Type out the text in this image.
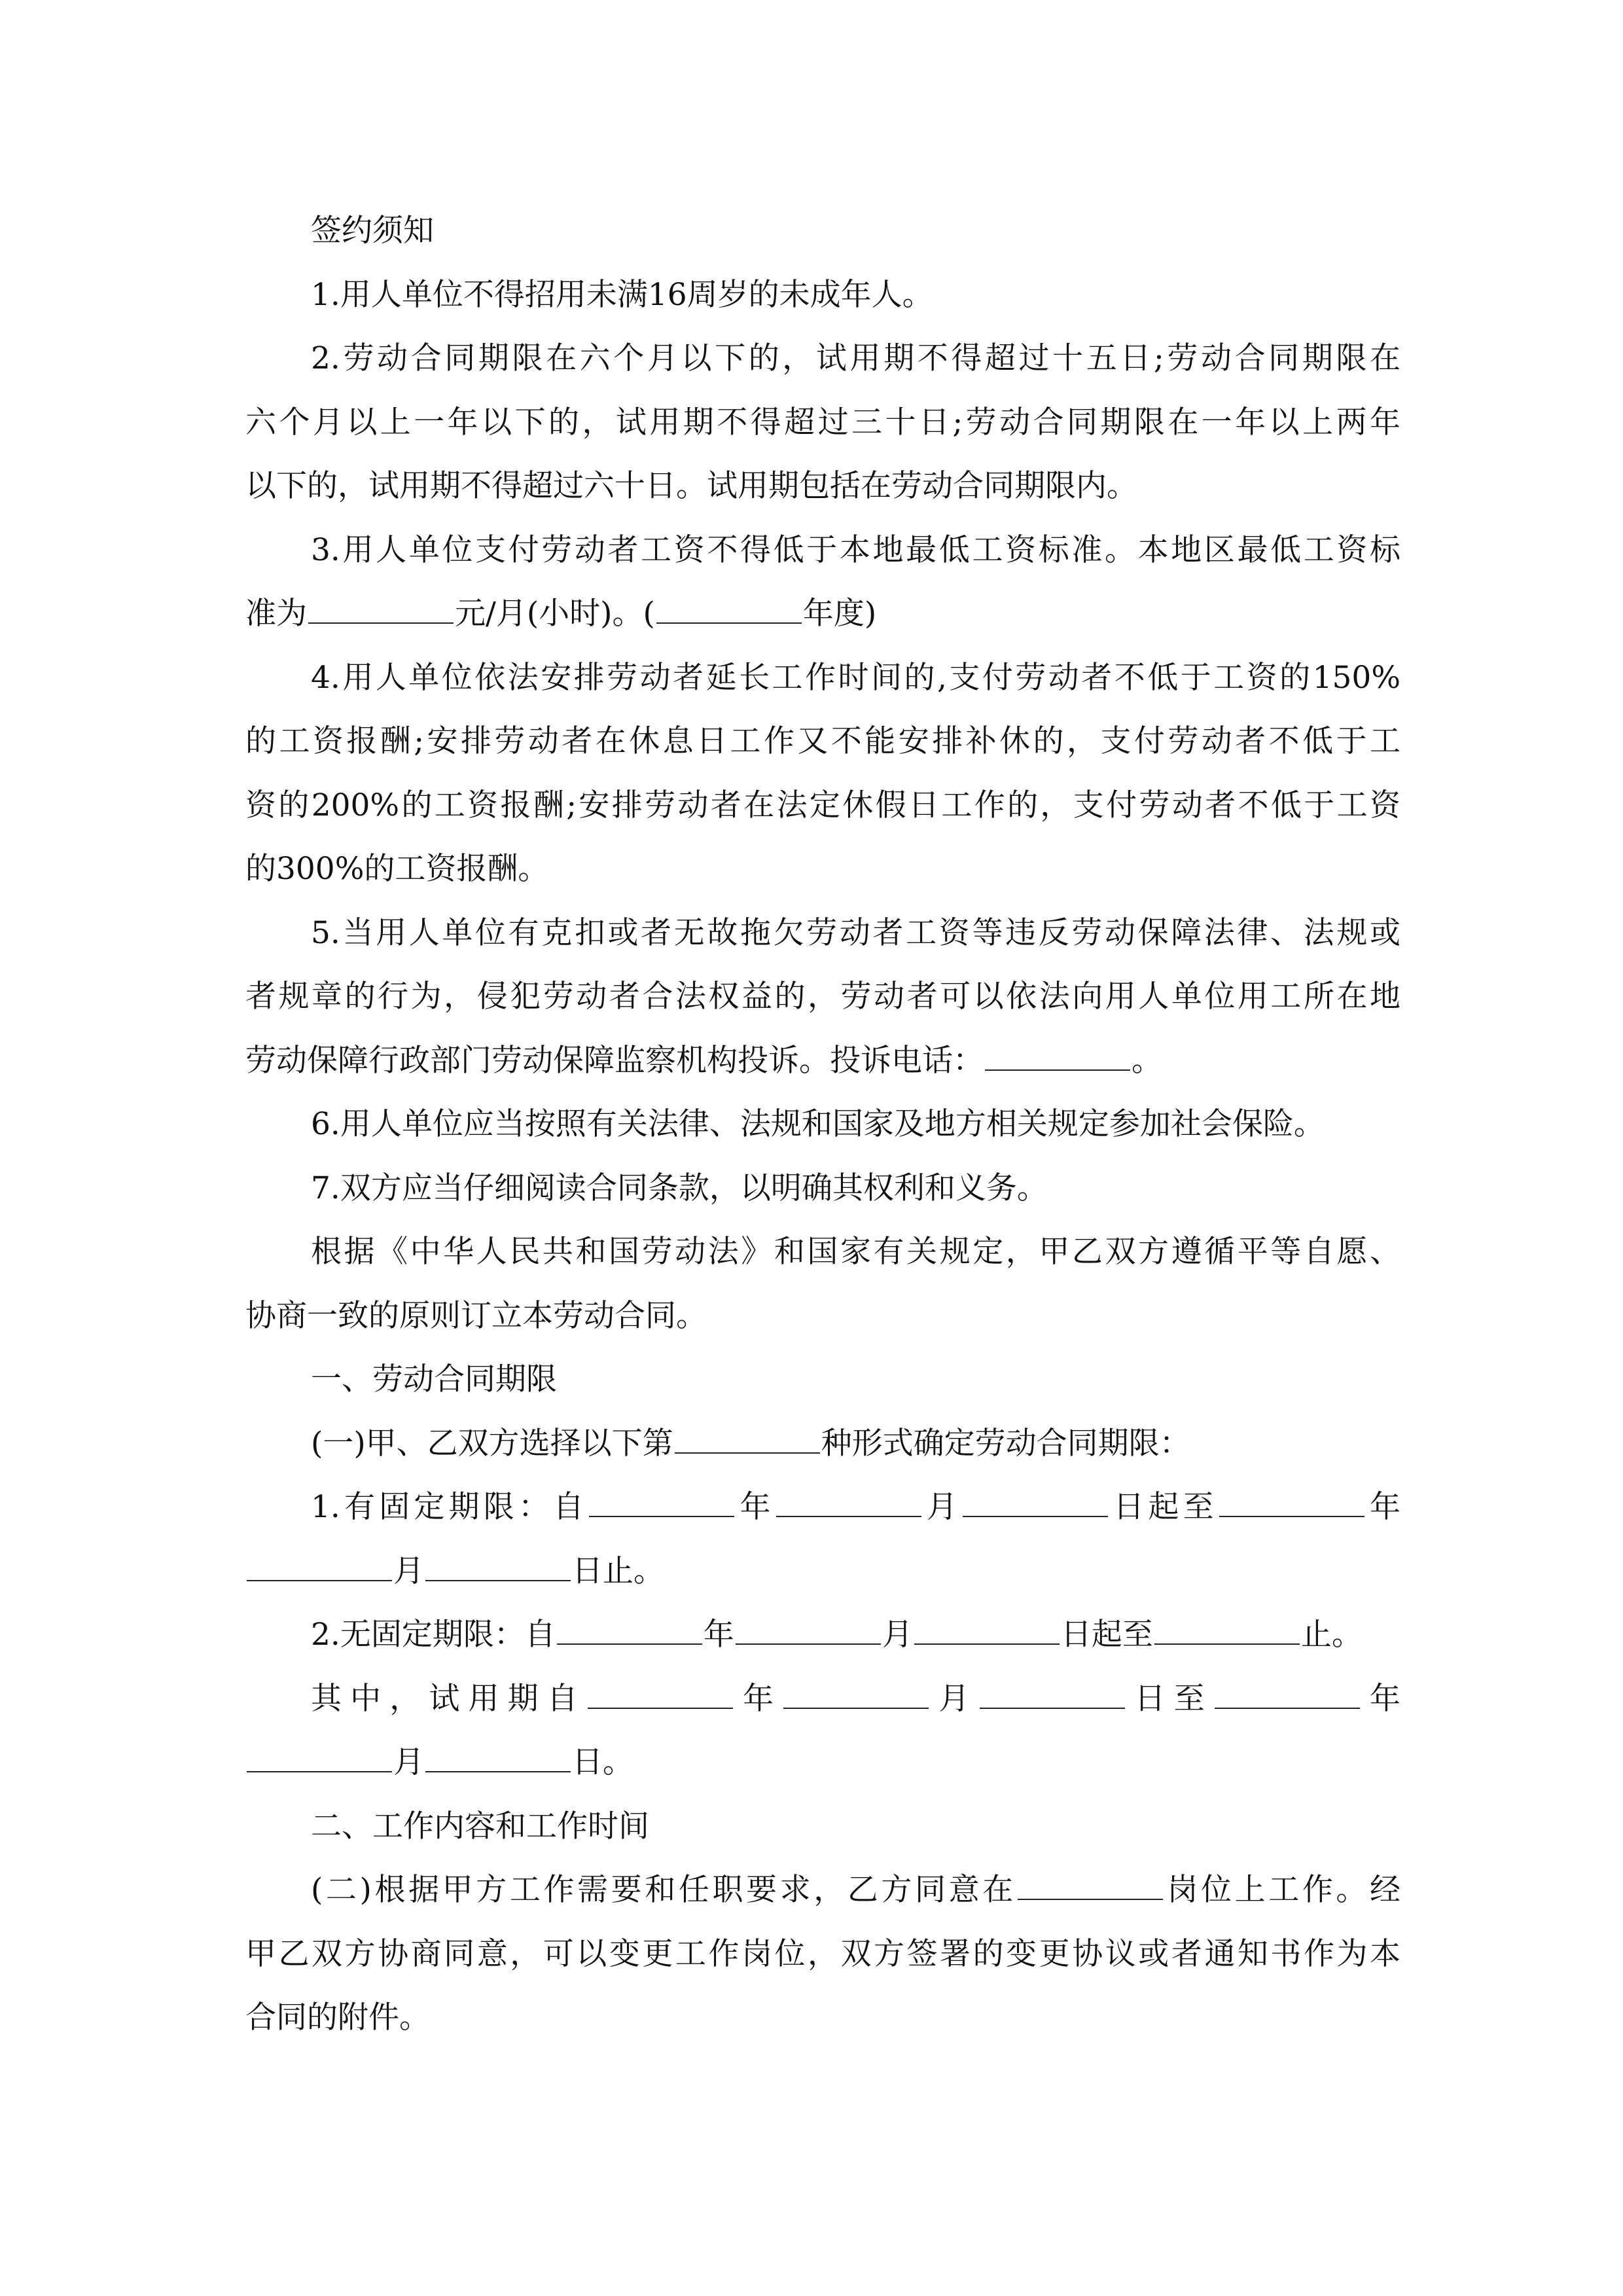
签约须知
1.用人单位不得招用未满16周岁的未成年人。
2.劳动合同期限在六个月以下的，试用期不得超过十五日;劳动合同期限在
六个月以上一年以下的，试用期不得超过三十日;劳动合同期限在一年以上两年
以下的，试用期不得超过六十日。试用期包括在劳动合同期限内。
3.用人单位支付劳动者工资不得低于本地最低工资标准。本地区最低工资标
准为	元/月(小时)。(	年度)
4.用人单位依法安排劳动者延长工作时间的,支付劳动者不低于工资的150%
的工资报酬;安排劳动者在休息日工作又不能安排补休的，支付劳动者不低于工
资的200%的工资报酬;安排劳动者在法定休假日工作的，支付劳动者不低于工资
的300%的工资报酬。
5.当用人单位有克扣或者无故拖欠劳动者工资等违反劳动保障法律、法规或
者规章的行为，侵犯劳动者合法权益的，劳动者可以依法向用人单位用工所在地
劳动保障行政部门劳动保障监察机构投诉。投诉电话：	。
6.用人单位应当按照有关法律、法规和国家及地方相关规定参加社会保险。
7.双方应当仔细阅读合同条款，以明确其权利和义务。
根据《中华人民共和国劳动法》和国家有关规定，甲乙双方遵循平等自愿、
协商一致的原则订立本劳动合同。
一、劳动合同期限
(一)甲、乙双方选择以下第	种形式确定劳动合同期限：
1.有固定期限：自	年	月	日起至	年
月	日止。
2.无固定期限：自	年	月	日起至	止。
其中，试用期自	年	月	日至	年
月	日。
二、工作内容和工作时间
(二)根据甲方工作需要和任职要求，乙方同意在	岗位上工作。经
甲乙双方协商同意，可以变更工作岗位，双方签署的变更协议或者通知书作为本
合同的附件。
